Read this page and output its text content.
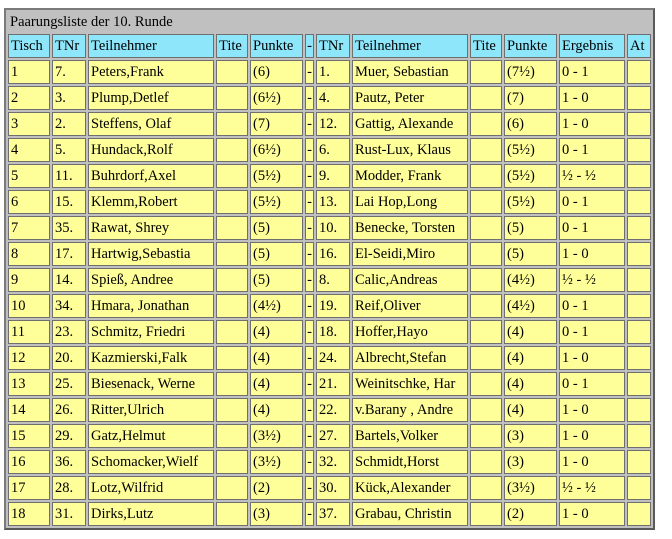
Paarungsliste der 10. Runde											
Tisch	TNr	Teilnehmer	Tite	Punkte	-	TNr	Teilnehmer	Tite	Punkte	Ergebnis	At
1	7.	Peters,Frank		(6)	-	1.	Muer, Sebastian		(7½)	0 - 1	
2	3.	Plump,Detlef		(6½)	-	4.	Pautz, Peter		(7)	1 - 0	
3	2.	Steffens, Olaf		(7)	-	12.	Gattig, Alexande		(6)	1 - 0	
4	5.	Hundack,Rolf		(6½)	-	6.	Rust-Lux, Klaus		(5½)	0 - 1	
5	11.	Buhrdorf,Axel		(5½)	-	9.	Modder, Frank		(5½)	½ - ½	
6	15.	Klemm,Robert		(5½)	-	13.	Lai Hop,Long		(5½)	0 - 1	
7	35.	Rawat, Shrey		(5)	-	10.	Benecke, Torsten		(5)	0 - 1	
8	17.	Hartwig,Sebastia		(5)	-	16.	El-Seidi,Miro		(5)	1 - 0	
9	14.	Spieß, Andree		(5)	-	8.	Calic,Andreas		(4½)	½ - ½	
10	34.	Hmara, Jonathan		(4½)	-	19.	Reif,Oliver		(4½)	0 - 1	
11	23.	Schmitz, Friedri		(4)	-	18.	Hoffer,Hayo		(4)	0 - 1	
12	20.	Kazmierski,Falk		(4)	-	24.	Albrecht,Stefan		(4)	1 - 0	
13	25.	Biesenack, Werne		(4)	-	21.	Weinitschke, Har		(4)	0 - 1	
14	26.	Ritter,Ulrich		(4)	-	22.	v.Barany , Andre		(4)	1 - 0	
15	29.	Gatz,Helmut		(3½)	-	27.	Bartels,Volker		(3)	1 - 0	
16	36.	Schomacker,Wielf		(3½)	-	32.	Schmidt,Horst		(3)	1 - 0	
17	28.	Lotz,Wilfrid		(2)	-	30.	Kück,Alexander		(3½)	½ - ½	
18	31.	Dirks,Lutz		(3)	-	37.	Grabau, Christin		(2)	1 - 0	
